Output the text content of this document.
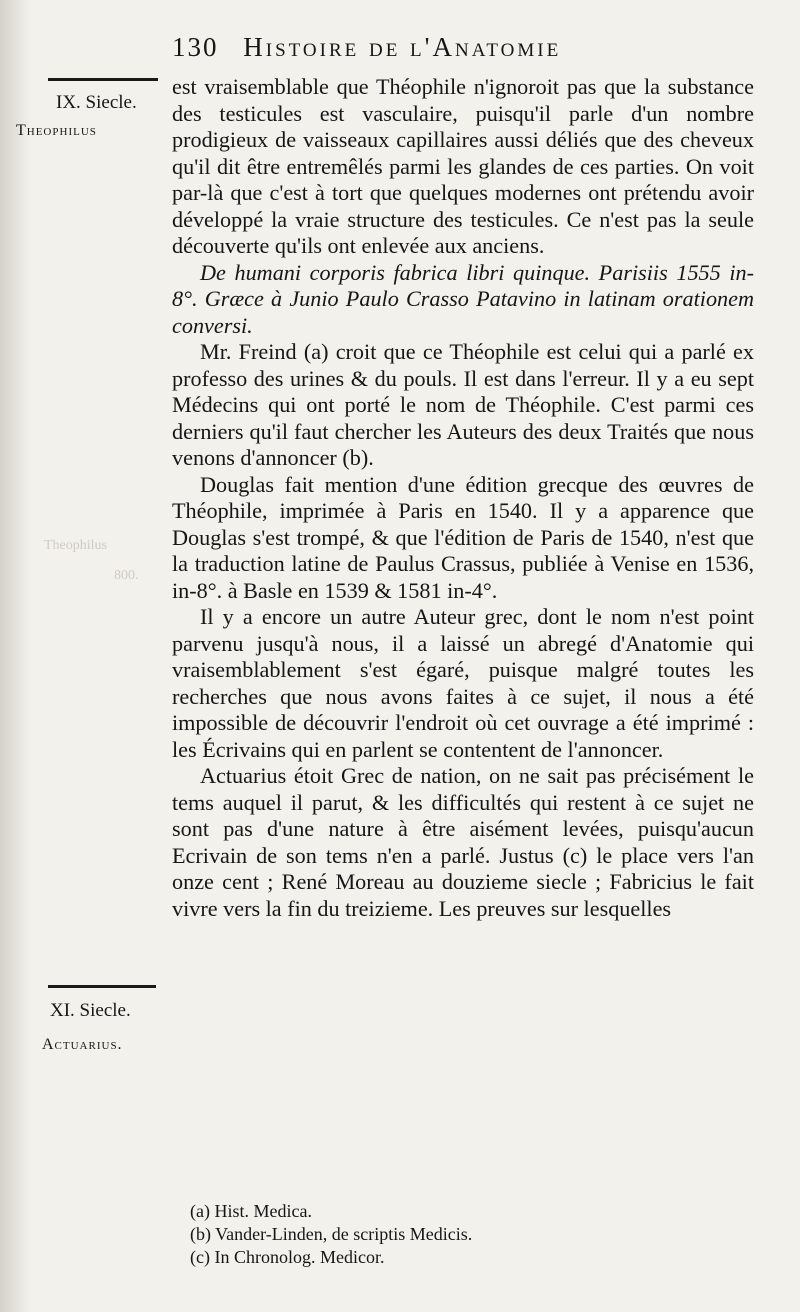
Theophilus
800.
130 Histoire de l'Anatomie
IX. Siecle.
Theophilus
XI. Siecle.
Actuarius.

est vraisemblable que Théophile n'ignoroit pas que la substance des testicules est vasculaire, puisqu'il parle d'un nombre prodigieux de vaisseaux capillaires aussi déliés que des cheveux qu'il dit être entremêlés parmi les glandes de ces parties. On voit par-là que c'est à tort que quelques modernes ont prétendu avoir développé la vraie structure des testicules. Ce n'est pas la seule découverte qu'ils ont enlevée aux anciens.

De humani corporis fabrica libri quinque. Parisiis 1555 in-8°. Græce à Junio Paulo Crasso Patavino in latinam orationem conversi.

Mr. Freind (a) croit que ce Théophile est celui qui a parlé ex professo des urines & du pouls. Il est dans l'erreur. Il y a eu sept Médecins qui ont porté le nom de Théophile. C'est parmi ces derniers qu'il faut chercher les Auteurs des deux Traités que nous venons d'annoncer (b).

Douglas fait mention d'une édition grecque des œuvres de Théophile, imprimée à Paris en 1540. Il y a apparence que Douglas s'est trompé, & que l'édition de Paris de 1540, n'est que la traduction latine de Paulus Crassus, publiée à Venise en 1536, in-8°. à Basle en 1539 & 1581 in-4°.

Il y a encore un autre Auteur grec, dont le nom n'est point parvenu jusqu'à nous, il a laissé un abregé d'Anatomie qui vraisemblablement s'est égaré, puisque malgré toutes les recherches que nous avons faites à ce sujet, il nous a été impossible de découvrir l'endroit où cet ouvrage a été imprimé : les Écrivains qui en parlent se contentent de l'annoncer.

Actuarius étoit Grec de nation, on ne sait pas précisément le tems auquel il parut, & les difficultés qui restent à ce sujet ne sont pas d'une nature à être aisément levées, puisqu'aucun Ecrivain de son tems n'en a parlé. Justus (c) le place vers l'an onze cent ; René Moreau au douzieme siecle ; Fabricius le fait vivre vers la fin du treizieme. Les preuves sur lesquelles

(a) Hist. Medica.
(b) Vander-Linden, de scriptis Medicis.
(c) In Chronolog. Medicor.
